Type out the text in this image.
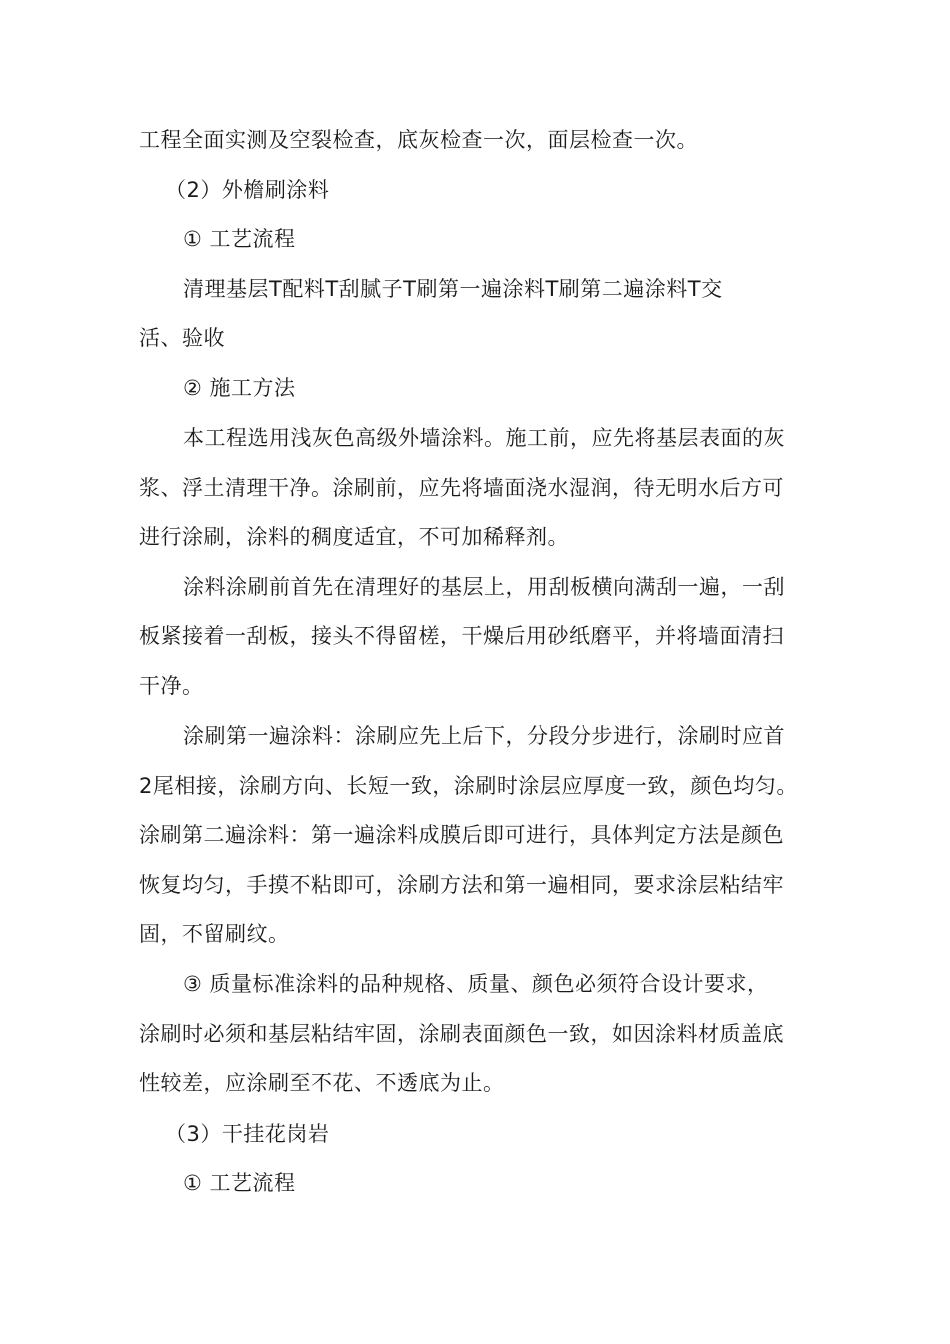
工程全面实测及空裂检查，底灰检查一次，面层检查一次。
（2）外檐刷涂料
① 工艺流程
清理基层T配料T刮腻子T刷第一遍涂料T刷第二遍涂料T交
活、验收
② 施工方法
本工程选用浅灰色高级外墙涂料。施工前，应先将基层表面的灰
浆、浮土清理干净。涂刷前，应先将墙面浇水湿润，待无明水后方可
进行涂刷，涂料的稠度适宜，不可加稀释剂。
涂料涂刷前首先在清理好的基层上，用刮板横向满刮一遍，一刮
板紧接着一刮板，接头不得留槎，干燥后用砂纸磨平，并将墙面清扫
干净。
涂刷第一遍涂料：涂刷应先上后下，分段分步进行，涂刷时应首
2尾相接，涂刷方向、长短一致，涂刷时涂层应厚度一致，颜色均匀。
涂刷第二遍涂料：第一遍涂料成膜后即可进行，具体判定方法是颜色
恢复均匀，手摸不粘即可，涂刷方法和第一遍相同，要求涂层粘结牢
固，不留刷纹。
③ 质量标准涂料的品种规格、质量、颜色必须符合设计要求，
涂刷时必须和基层粘结牢固，涂刷表面颜色一致，如因涂料材质盖底
性较差，应涂刷至不花、不透底为止。
（3）干挂花岗岩
① 工艺流程
